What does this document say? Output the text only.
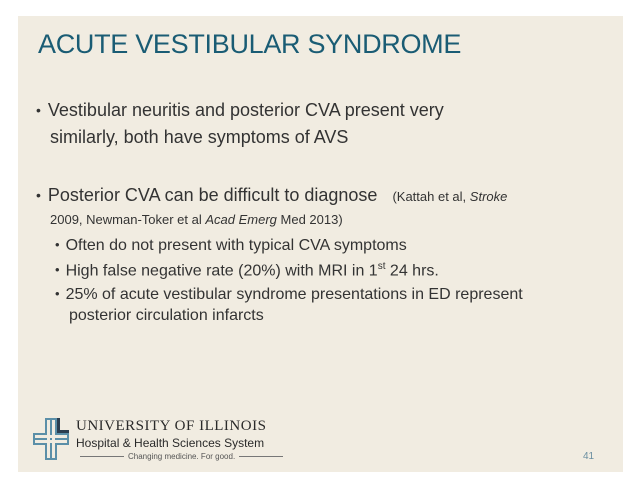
ACUTE VESTIBULAR SYNDROME
• Vestibular neuritis and posterior CVA present very
similarly, both have symptoms of AVS
• Posterior CVA can be difficult to diagnose (Kattah et al, Stroke
2009, Newman-Toker et al Acad Emerg Med 2013)
• Often do not present with typical CVA symptoms
• High false negative rate (20%) with MRI in 1st 24 hrs.
• 25% of acute vestibular syndrome presentations in ED represent
posterior circulation infarcts
UNIVERSITY OF ILLINOIS
Hospital & Health Sciences System
Changing medicine. For good.	41
